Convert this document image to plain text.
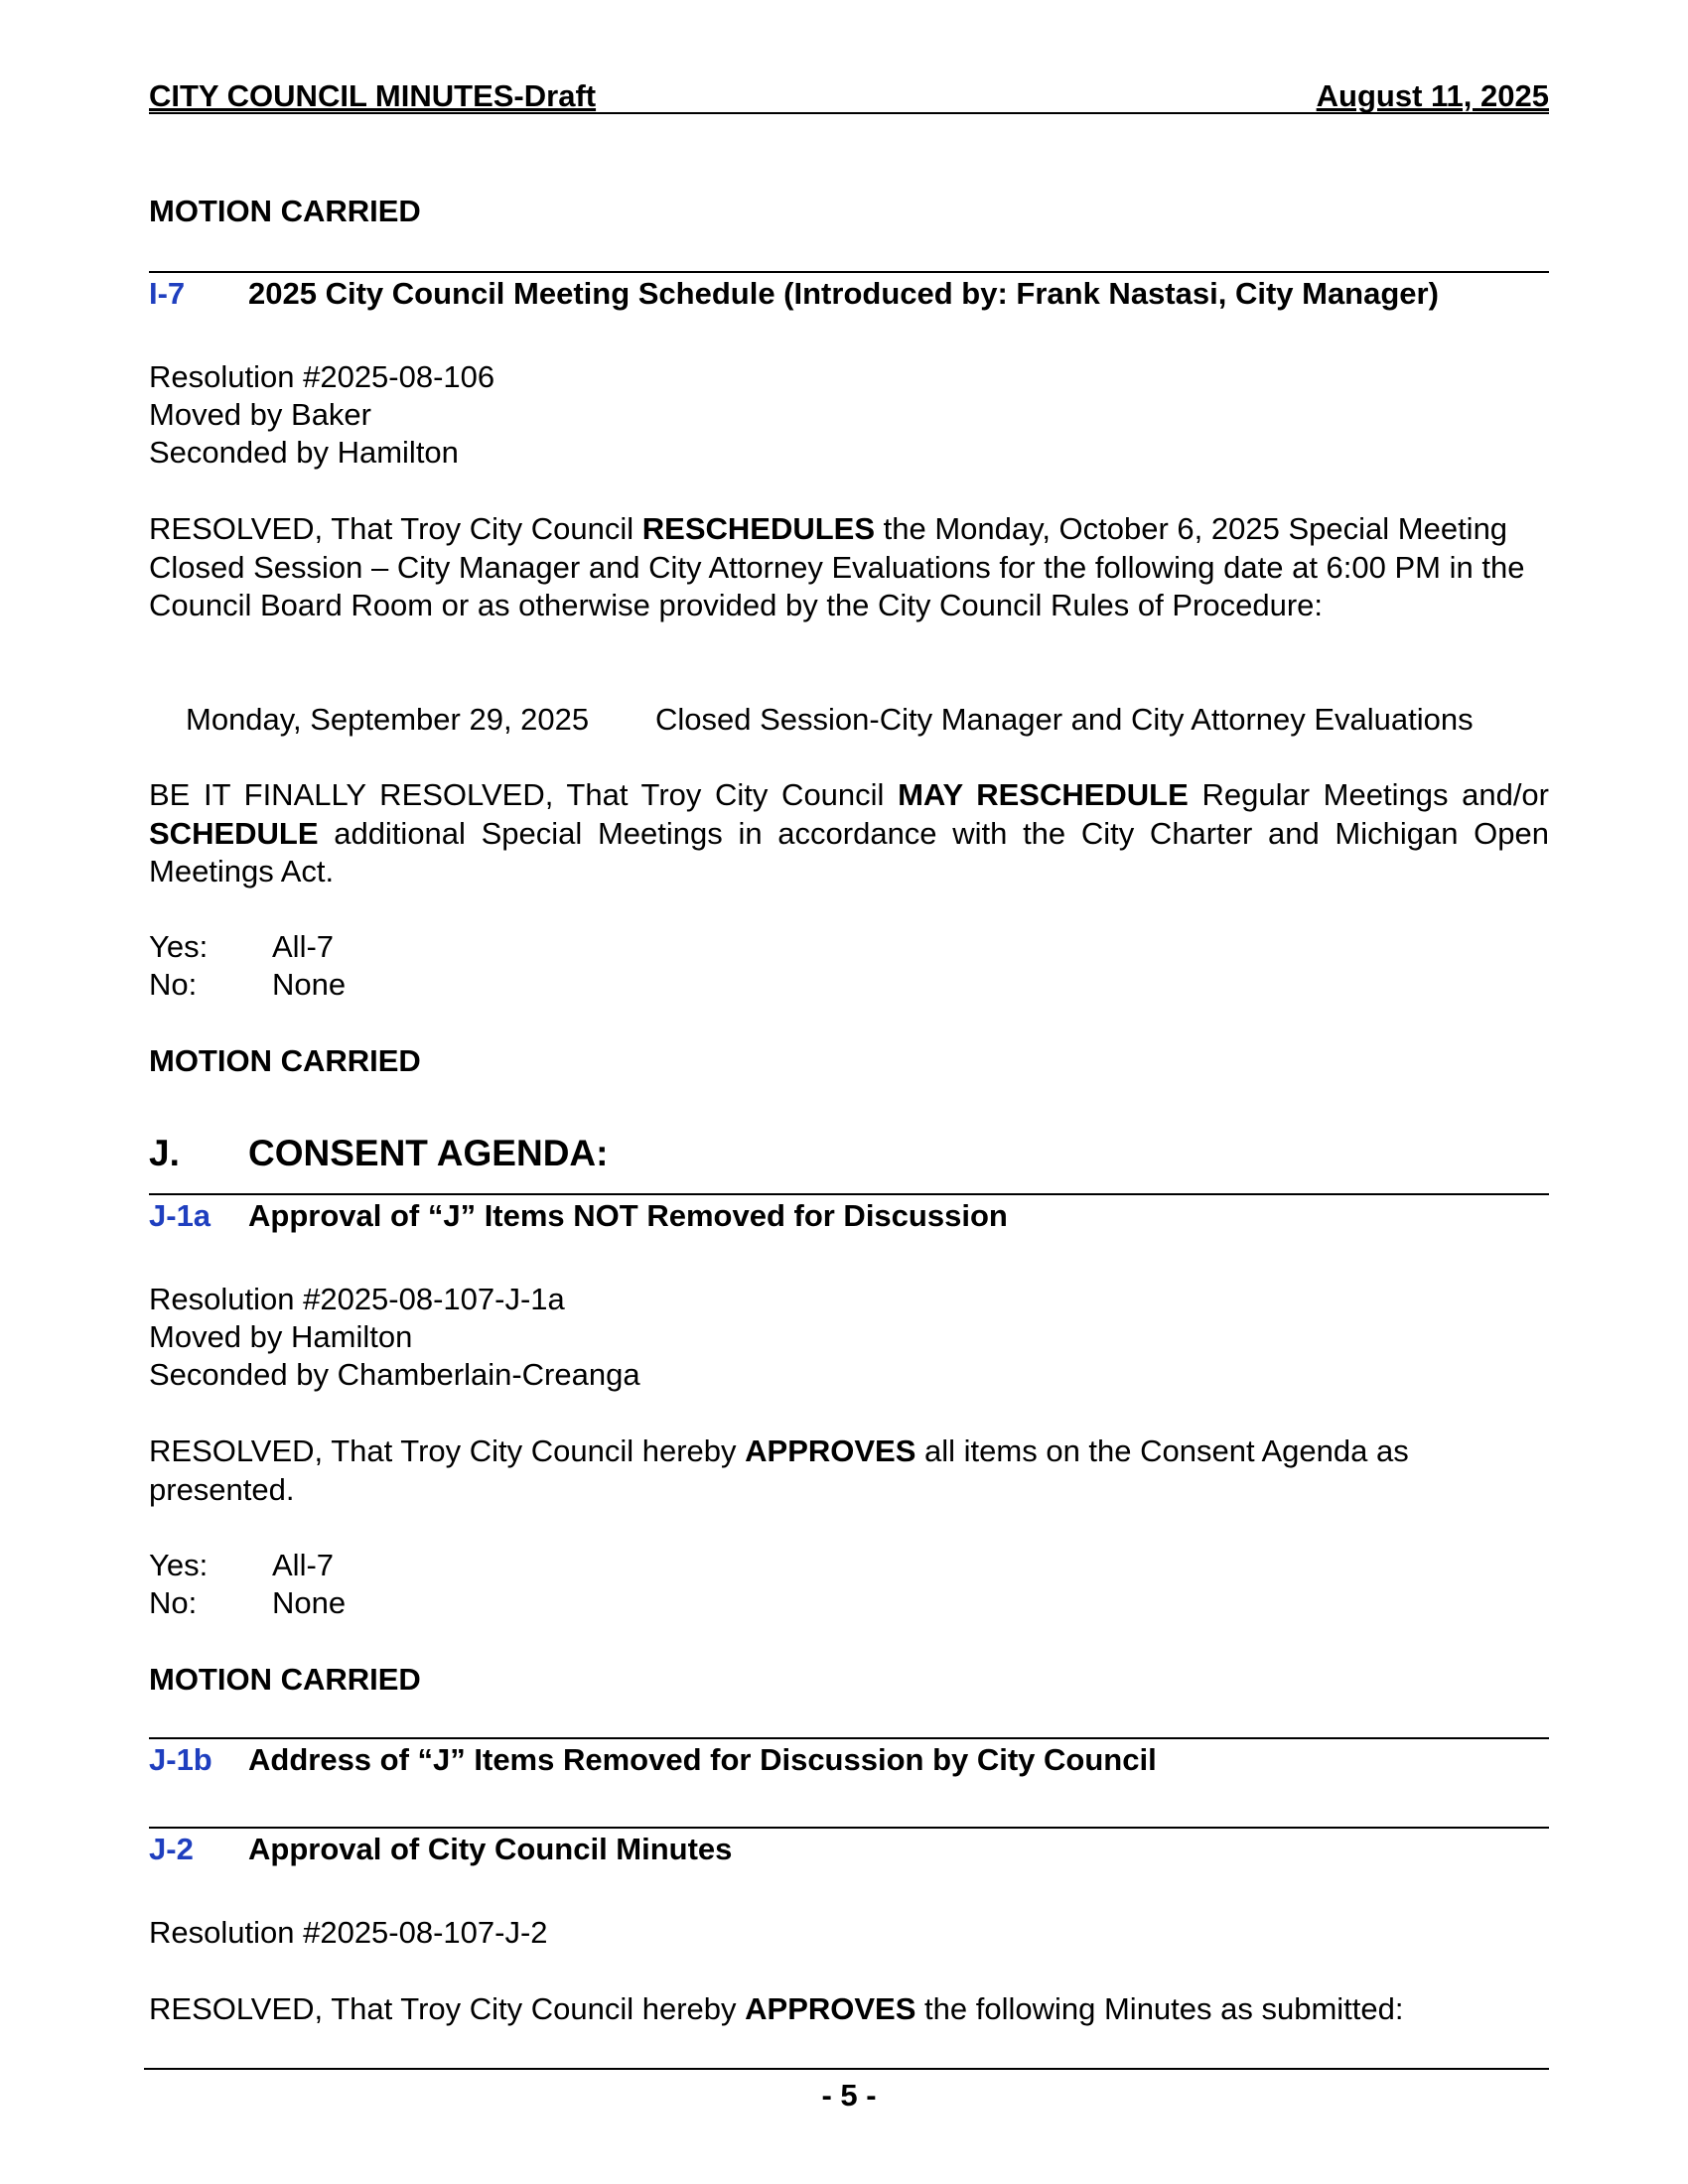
CITY COUNCIL MINUTES-Draft	August 11, 2025
MOTION CARRIED
I-7 2025 City Council Meeting Schedule (Introduced by: Frank Nastasi, City Manager)
Resolution #2025-08-106
Moved by Baker
Seconded by Hamilton
RESOLVED, That Troy City Council RESCHEDULES the Monday, October 6, 2025 Special Meeting Closed Session – City Manager and City Attorney Evaluations for the following date at 6:00 PM in the Council Board Room or as otherwise provided by the City Council Rules of Procedure:
Monday, September 29, 2025 Closed Session-City Manager and City Attorney Evaluations
BE IT FINALLY RESOLVED, That Troy City Council MAY RESCHEDULE Regular Meetings and/or SCHEDULE additional Special Meetings in accordance with the City Charter and Michigan Open Meetings Act.
Yes: All-7
No: None
MOTION CARRIED
J. CONSENT AGENDA:
J-1a Approval of “J” Items NOT Removed for Discussion
Resolution #2025-08-107-J-1a
Moved by Hamilton
Seconded by Chamberlain-Creanga
RESOLVED, That Troy City Council hereby APPROVES all items on the Consent Agenda as presented.
Yes: All-7
No: None
MOTION CARRIED
J-1b Address of “J” Items Removed for Discussion by City Council
J-2 Approval of City Council Minutes
Resolution #2025-08-107-J-2
RESOLVED, That Troy City Council hereby APPROVES the following Minutes as submitted:
- 5 -
